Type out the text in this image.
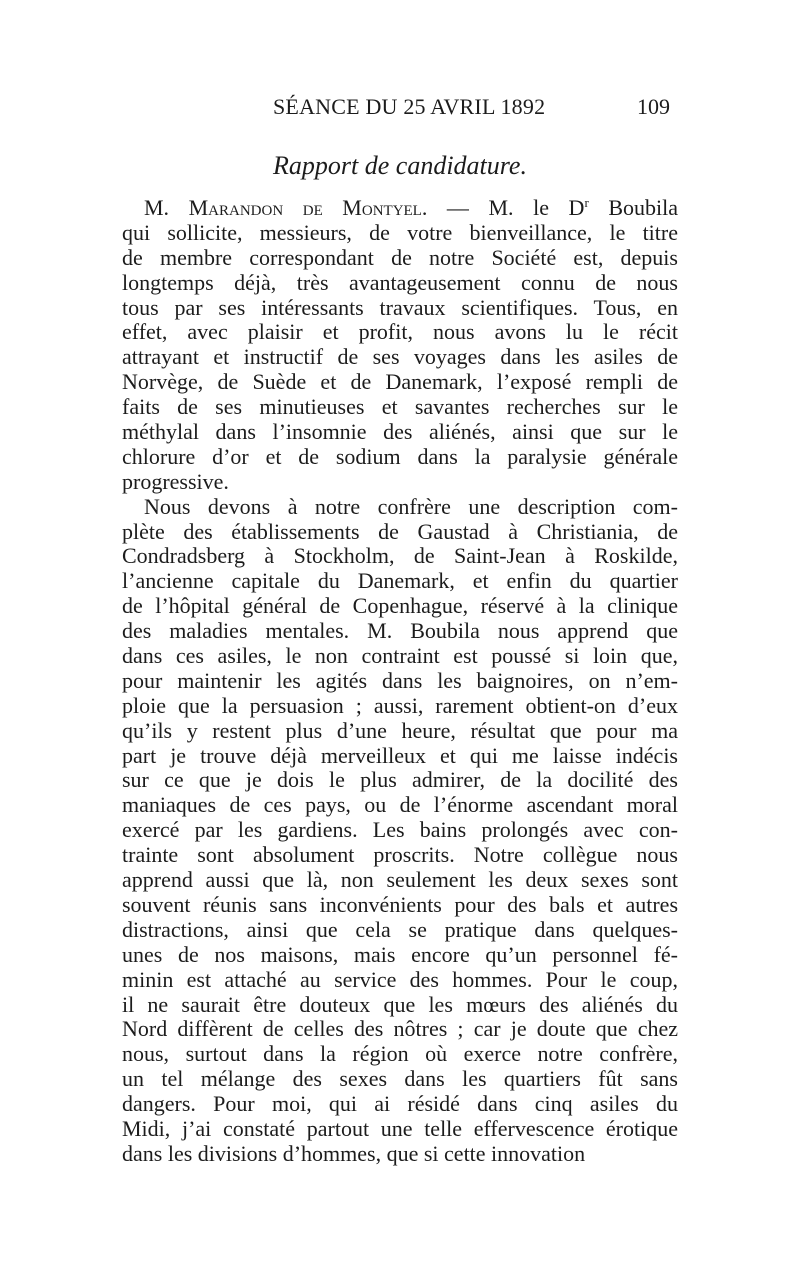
SÉANCE DU 25 AVRIL 1892	109
Rapport de candidature.
M. Marandon de Montyel. — M. le $D^r$ Boubila
qui sollicite, messieurs, de votre bienveillance, le titre
de membre correspondant de notre Société est, depuis
longtemps déjà, très avantageusement connu de nous
tous par ses intéressants travaux scientifiques. Tous, en
effet, avec plaisir et profit, nous avons lu le récit
attrayant et instructif de ses voyages dans les asiles de
Norvège, de Suède et de Danemark, l’exposé rempli de
faits de ses minutieuses et savantes recherches sur le
méthylal dans l’insomnie des aliénés, ainsi que sur le
chlorure d’or et de sodium dans la paralysie générale
progressive.
Nous devons à notre confrère une description com-
plète des établissements de Gaustad à Christiania, de
Condradsberg à Stockholm, de Saint-Jean à Roskilde,
l’ancienne capitale du Danemark, et enfin du quartier
de l’hôpital général de Copenhague, réservé à la clinique
des maladies mentales. M. Boubila nous apprend que
dans ces asiles, le non contraint est poussé si loin que,
pour maintenir les agités dans les baignoires, on n’em-
ploie que la persuasion ; aussi, rarement obtient-on d’eux
qu’ils y restent plus d’une heure, résultat que pour ma
part je trouve déjà merveilleux et qui me laisse indécis
sur ce que je dois le plus admirer, de la docilité des
maniaques de ces pays, ou de l’énorme ascendant moral
exercé par les gardiens. Les bains prolongés avec con-
trainte sont absolument proscrits. Notre collègue nous
apprend aussi que là, non seulement les deux sexes sont
souvent réunis sans inconvénients pour des bals et autres
distractions, ainsi que cela se pratique dans quelques-
unes de nos maisons, mais encore qu’un personnel fé-
minin est attaché au service des hommes. Pour le coup,
il ne saurait être douteux que les mœurs des aliénés du
Nord diffèrent de celles des nôtres ; car je doute que chez
nous, surtout dans la région où exerce notre confrère,
un tel mélange des sexes dans les quartiers fût sans
dangers. Pour moi, qui ai résidé dans cinq asiles du
Midi, j’ai constaté partout une telle effervescence érotique
dans les divisions d’hommes, que si cette innovation
